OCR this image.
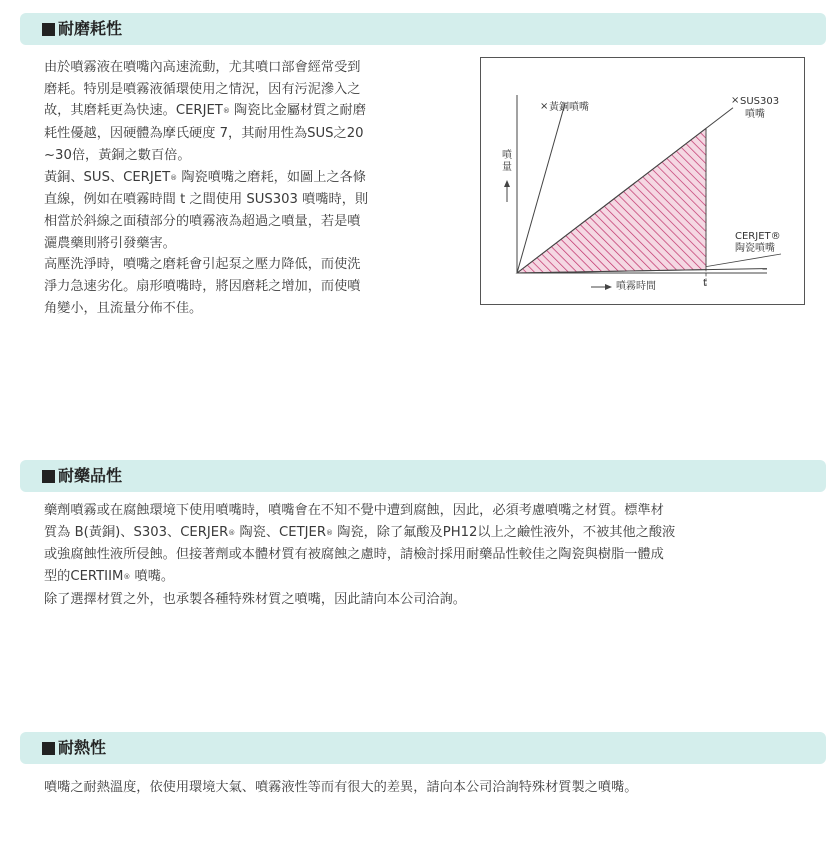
耐磨耗性
由於噴霧液在噴嘴內高速流動，尤其噴口部會經常受到
磨耗。特別是噴霧液循環使用之情況，因有污泥滲入之
故，其磨耗更為快速。CERJET® 陶瓷比金屬材質之耐磨
耗性優越，因硬體為摩氏硬度 7，其耐用性為SUS之20
~30倍，黃銅之數百倍。
黃銅、SUS、CERJET® 陶瓷噴嘴之磨耗，如圖上之各條
直線，例如在噴霧時間 t 之間使用 SUS303 噴嘴時，則
相當於斜線之面積部分的噴霧液為超過之噴量，若是噴
灑農藥則將引發藥害。
高壓洗淨時，噴嘴之磨耗會引起泵之壓力降低，而使洗
淨力急速劣化。扇形噴嘴時，將因磨耗之增加，而使噴
角變小，且流量分佈不佳。
× 黃銅噴嘴
× SUS303
噴嘴
CERJET®
陶瓷噴嘴
噴量
噴霧時間	t
耐藥品性
藥劑噴霧或在腐蝕環境下使用噴嘴時，噴嘴會在不知不覺中遭到腐蝕，因此，必須考慮噴嘴之材質。標準材
質為 B(黃銅)、S303、CERJER® 陶瓷、CETJER® 陶瓷，除了氟酸及PH12以上之鹼性液外，不被其他之酸液
或強腐蝕性液所侵蝕。但接著劑或本體材質有被腐蝕之慮時，請檢討採用耐藥品性較佳之陶瓷與樹脂一體成
型的CERTIIM® 噴嘴。
除了選擇材質之外，也承製各種特殊材質之噴嘴，因此請向本公司洽詢。
耐熱性
噴嘴之耐熱溫度，依使用環境大氣、噴霧液性等而有很大的差異，請向本公司洽詢特殊材質製之噴嘴。
